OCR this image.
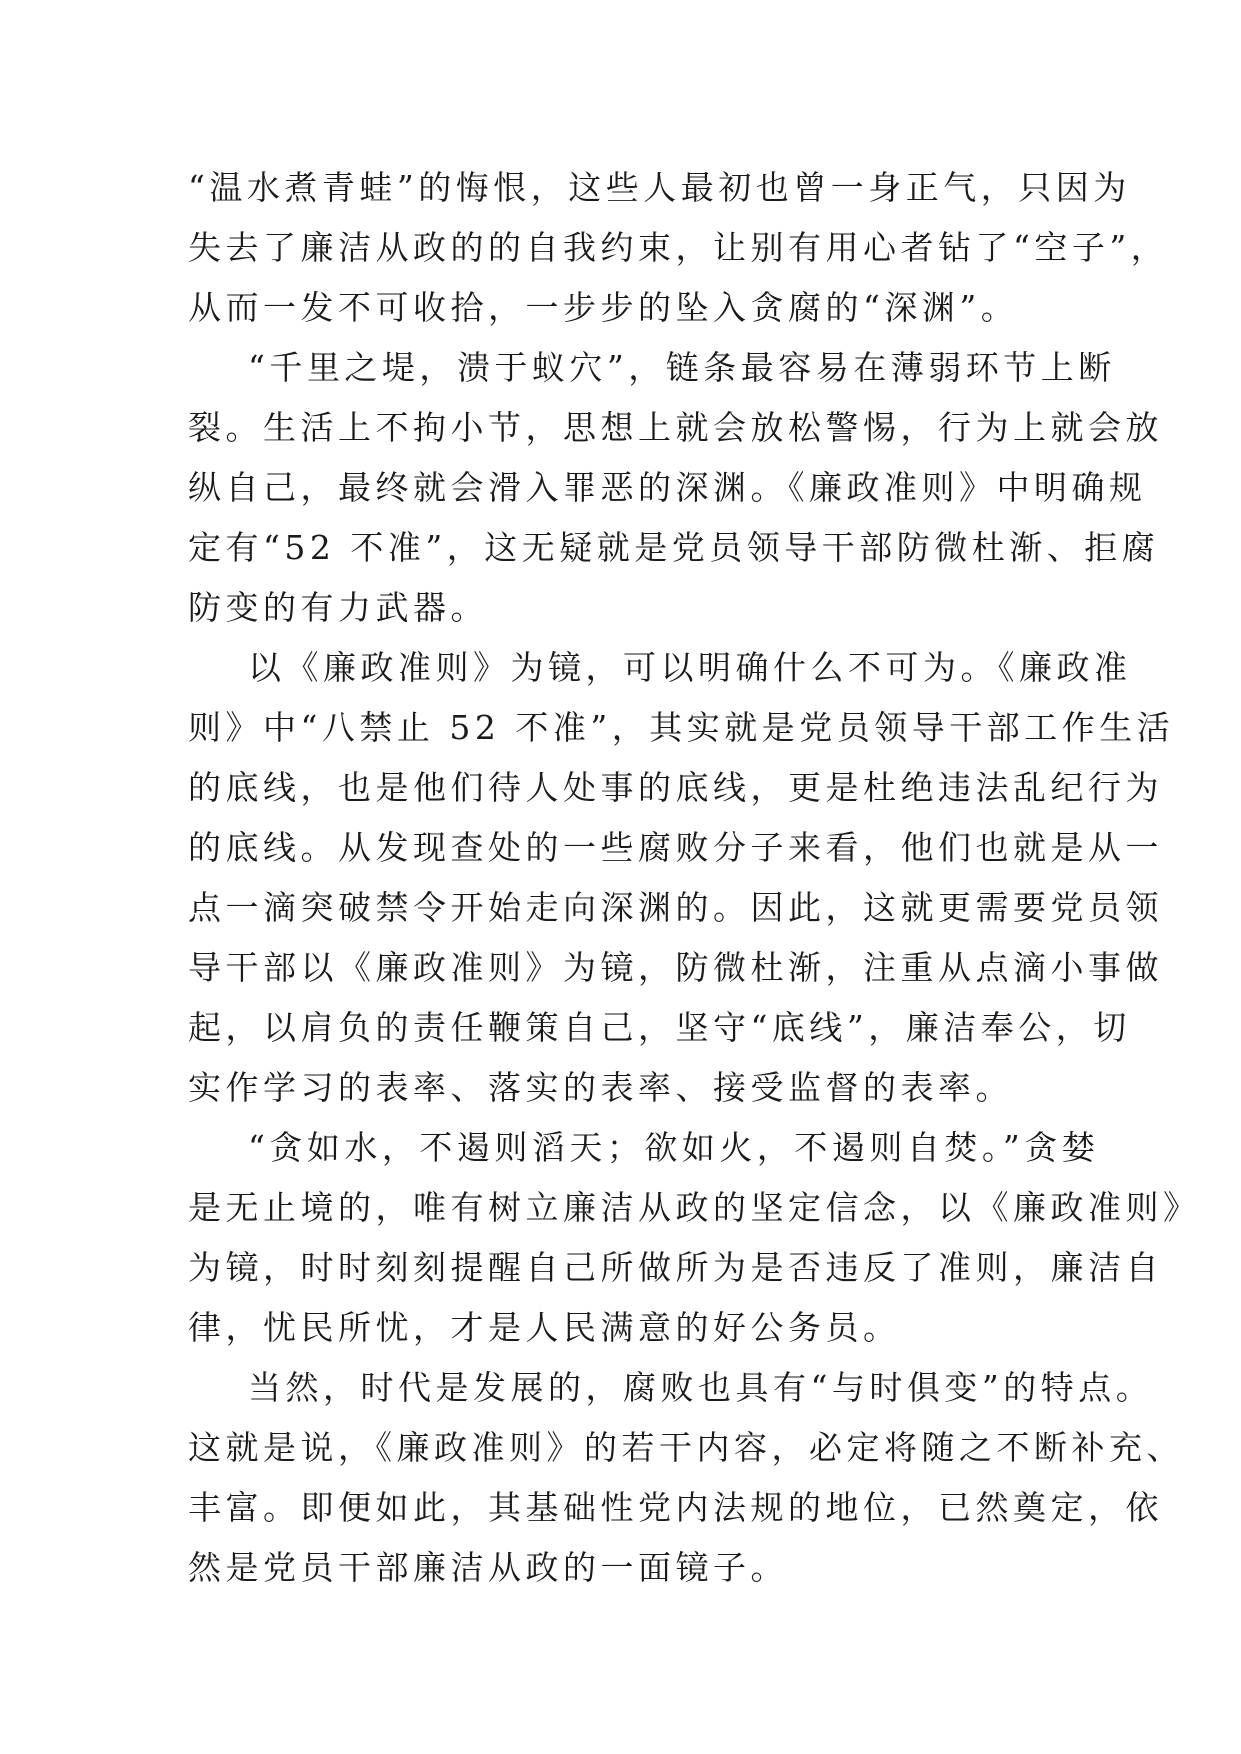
“温水煮青蛙”的悔恨，这些人最初也曾一身正气，只因为
失去了廉洁从政的的自我约束，让别有用心者钻了“空子”，
从而一发不可收拾，一步步的坠入贪腐的“深渊”。
“千里之堤，溃于蚁穴”，链条最容易在薄弱环节上断
裂。生活上不拘小节，思想上就会放松警惕，行为上就会放
纵自己，最终就会滑入罪恶的深渊。《廉政准则》中明确规
定有“52 不准”，这无疑就是党员领导干部防微杜渐、拒腐
防变的有力武器。
以《廉政准则》为镜，可以明确什么不可为。《廉政准
则》中“八禁止 52 不准”，其实就是党员领导干部工作生活
的底线，也是他们待人处事的底线，更是杜绝违法乱纪行为
的底线。从发现查处的一些腐败分子来看，他们也就是从一
点一滴突破禁令开始走向深渊的。因此，这就更需要党员领
导干部以《廉政准则》为镜，防微杜渐，注重从点滴小事做
起，以肩负的责任鞭策自己，坚守“底线”，廉洁奉公，切
实作学习的表率、落实的表率、接受监督的表率。
“贪如水，不遏则滔天；欲如火，不遏则自焚。”贪婪
是无止境的，唯有树立廉洁从政的坚定信念，以《廉政准则》
为镜，时时刻刻提醒自己所做所为是否违反了准则，廉洁自
律，忧民所忧，才是人民满意的好公务员。
当然，时代是发展的，腐败也具有“与时俱变”的特点。
这就是说，《廉政准则》的若干内容，必定将随之不断补充、
丰富。即便如此，其基础性党内法规的地位，已然奠定，依
然是党员干部廉洁从政的一面镜子。
